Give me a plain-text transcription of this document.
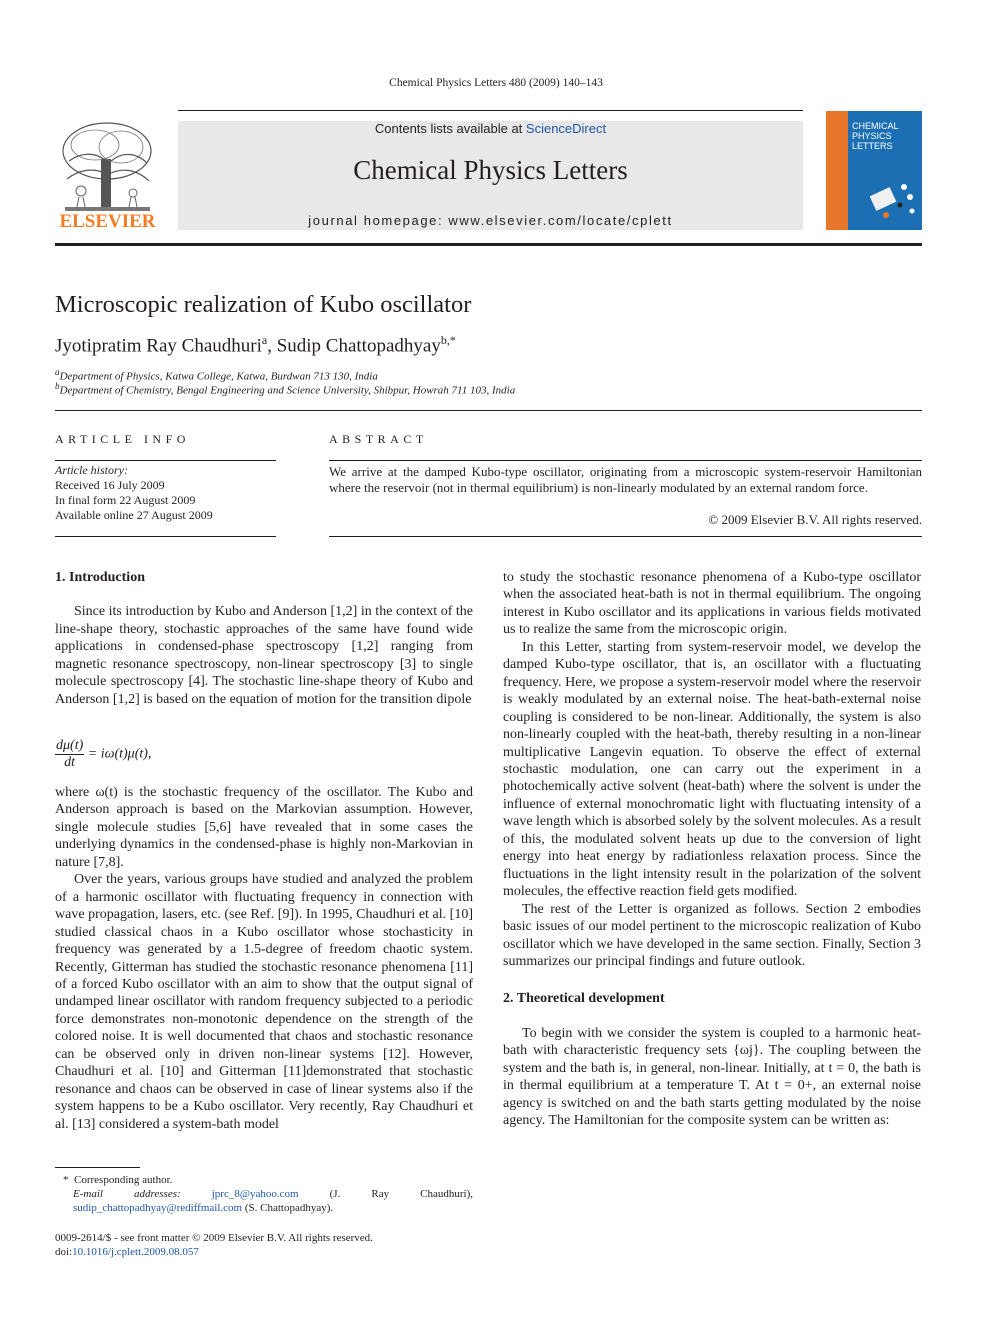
Chemical Physics Letters 480 (2009) 140–143
ELSEVIER
Contents lists available at ScienceDirect
Chemical Physics Letters
journal homepage: www.elsevier.com/locate/cplett
CHEMICAL
PHYSICS
LETTERS
Microscopic realization of Kubo oscillator
Jyotipratim Ray Chaudhuri$^a$, Sudip Chattopadhyay$^{b,*}$
$^a$Department of Physics, Katwa College, Katwa, Burdwan 713 130, India
$^b$Department of Chemistry, Bengal Engineering and Science University, Shibpur, Howrah 711 103, India
ARTICLE INFO
Article history:
Received 16 July 2009
In final form 22 August 2009
Available online 27 August 2009
ABSTRACT
We arrive at the damped Kubo-type oscillator, originating from a microscopic system-reservoir Hamiltonian where the reservoir (not in thermal equilibrium) is non-linearly modulated by an external random force.
© 2009 Elsevier B.V. All rights reserved.
1. Introduction

Since its introduction by Kubo and Anderson [1,2] in the context of the line-shape theory, stochastic approaches of the same have found wide applications in condensed-phase spectroscopy [1,2] ranging from magnetic resonance spectroscopy, non-linear spectroscopy [3] to single molecule spectroscopy [4]. The stochastic line-shape theory of Kubo and Anderson [1,2] is based on the equation of motion for the transition dipole

$\frac{d\mu(t)}{dt} = i\omega(t)\mu(t)$,

where ω(t) is the stochastic frequency of the oscillator. The Kubo and Anderson approach is based on the Markovian assumption. However, single molecule studies [5,6] have revealed that in some cases the underlying dynamics in the condensed-phase is highly non-Markovian in nature [7,8].

Over the years, various groups have studied and analyzed the problem of a harmonic oscillator with fluctuating frequency in connection with wave propagation, lasers, etc. (see Ref. [9]). In 1995, Chaudhuri et al. [10] studied classical chaos in a Kubo oscillator whose stochasticity in frequency was generated by a 1.5-degree of freedom chaotic system. Recently, Gitterman has studied the stochastic resonance phenomena [11] of a forced Kubo oscillator with an aim to show that the output signal of undamped linear oscillator with random frequency subjected to a periodic force demonstrates non-monotonic dependence on the strength of the colored noise. It is well documented that chaos and stochastic resonance can be observed only in driven non-linear systems [12]. However, Chaudhuri et al. [10] and Gitterman [11]demonstrated that stochastic resonance and chaos can be observed in case of linear systems also if the system happens to be a Kubo oscillator. Very recently, Ray Chaudhuri et al. [13] considered a system-bath model

* Corresponding author.
E-mail addresses:	jprc_8@yahoo.com	(J. Ray Chaudhuri), sudip_chattopadhyay@rediffmail.com (S. Chattopadhyay).
0009-2614/$ - see front matter © 2009 Elsevier B.V. All rights reserved.
doi:10.1016/j.cplett.2009.08.057

to study the stochastic resonance phenomena of a Kubo-type oscillator when the associated heat-bath is not in thermal equilibrium. The ongoing interest in Kubo oscillator and its applications in various fields motivated us to realize the same from the microscopic origin.

In this Letter, starting from system-reservoir model, we develop the damped Kubo-type oscillator, that is, an oscillator with a fluctuating frequency. Here, we propose a system-reservoir model where the reservoir is weakly modulated by an external noise. The heat-bath-external noise coupling is considered to be non-linear. Additionally, the system is also non-linearly coupled with the heat-bath, thereby resulting in a non-linear multiplicative Langevin equation. To observe the effect of external stochastic modulation, one can carry out the experiment in a photochemically active solvent (heat-bath) where the solvent is under the influence of external monochromatic light with fluctuating intensity of a wave length which is absorbed solely by the solvent molecules. As a result of this, the modulated solvent heats up due to the conversion of light energy into heat energy by radiationless relaxation process. Since the fluctuations in the light intensity result in the polarization of the solvent molecules, the effective reaction field gets modified.

The rest of the Letter is organized as follows. Section 2 embodies basic issues of our model pertinent to the microscopic realization of Kubo oscillator which we have developed in the same section. Finally, Section 3 summarizes our principal findings and future outlook.

2. Theoretical development

To begin with we consider the system is coupled to a harmonic heat-bath with characteristic frequency sets {ωj}. The coupling between the system and the bath is, in general, non-linear. Initially, at t = 0, the bath is in thermal equilibrium at a temperature T. At t = 0+, an external noise agency is switched on and the bath starts getting modulated by the noise agency. The Hamiltonian for the composite system can be written as:
